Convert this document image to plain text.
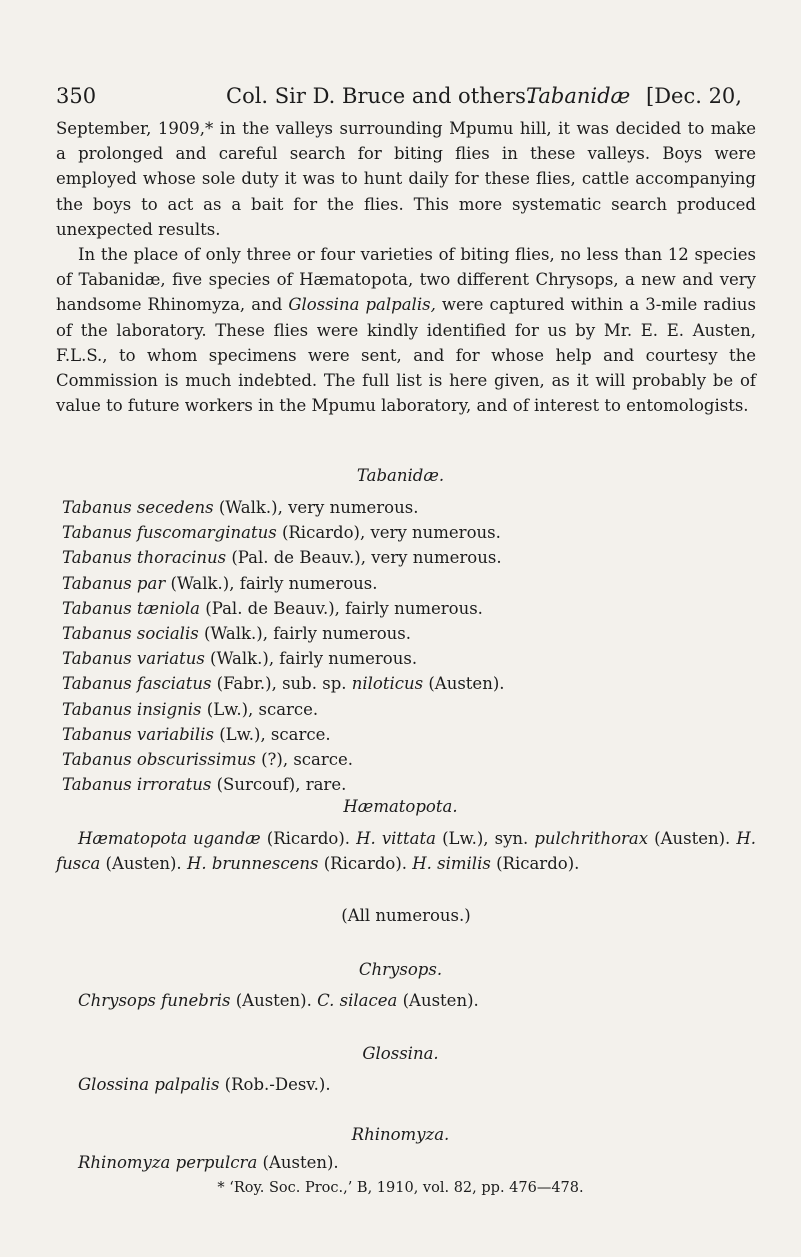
350	Col. Sir D. Bruce and others.
Tabanidæ [Dec. 20,

September, 1909,* in the valleys surrounding Mpumu hill, it was decided to make a prolonged and careful search for biting flies in these valleys. Boys were employed whose sole duty it was to hunt daily for these flies, cattle accompanying the boys to act as a bait for the flies. This more systematic search produced unexpected results.

In the place of only three or four varieties of biting flies, no less than 12 species of Tabanidæ, five species of Hæmatopota, two different Chrysops, a new and very handsome Rhinomyza, and Glossina palpalis, were captured within a 3-mile radius of the laboratory. These flies were kindly identified for us by Mr. E. E. Austen, F.L.S., to whom specimens were sent, and for whose help and courtesy the Commission is much indebted. The full list is here given, as it will probably be of value to future workers in the Mpumu laboratory, and of interest to entomologists.

Tabanidæ.
Tabanus secedens (Walk.), very numerous.
Tabanus fuscomarginatus (Ricardo), very numerous.
Tabanus thoracinus (Pal. de Beauv.), very numerous.
Tabanus par (Walk.), fairly numerous.
Tabanus tæniola (Pal. de Beauv.), fairly numerous.
Tabanus socialis (Walk.), fairly numerous.
Tabanus variatus (Walk.), fairly numerous.
Tabanus fasciatus (Fabr.), sub. sp. niloticus (Austen).
Tabanus insignis (Lw.), scarce.
Tabanus variabilis (Lw.), scarce.
Tabanus obscurissimus (?), scarce.
Tabanus irroratus (Surcouf), rare.
Hæmatopota.
Hæmatopota ugandæ (Ricardo). H. vittata (Lw.), syn. pulchrithorax (Austen). H. fusca (Austen). H. brunnescens (Ricardo). H. similis (Ricardo).
(All numerous.)
Chrysops.
Chrysops funebris (Austen). C. silacea (Austen).
Glossina.
Glossina palpalis (Rob.-Desv.).
Rhinomyza.
Rhinomyza perpulcra (Austen).
* ‘Roy. Soc. Proc.,’ B, 1910, vol. 82, pp. 476—478.
